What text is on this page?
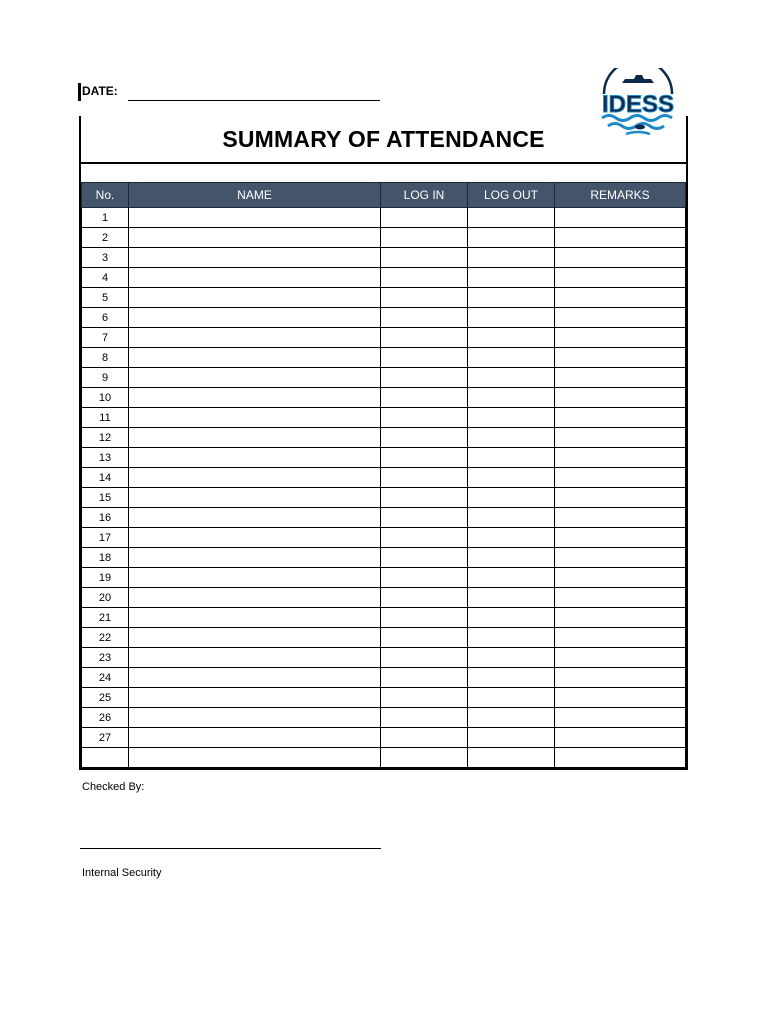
DATE:	IDESS
SUMMARY OF ATTENDANCE
No.	NAME	LOG IN	LOG OUT	REMARKS
1				
2				
3				
4				
5				
6				
7				
8				
9				
10				
11				
12				
13				
14				
15				
16				
17				
18				
19				
20				
21				
22				
23				
24				
25				
26				
27				

Checked By:
Internal Security
